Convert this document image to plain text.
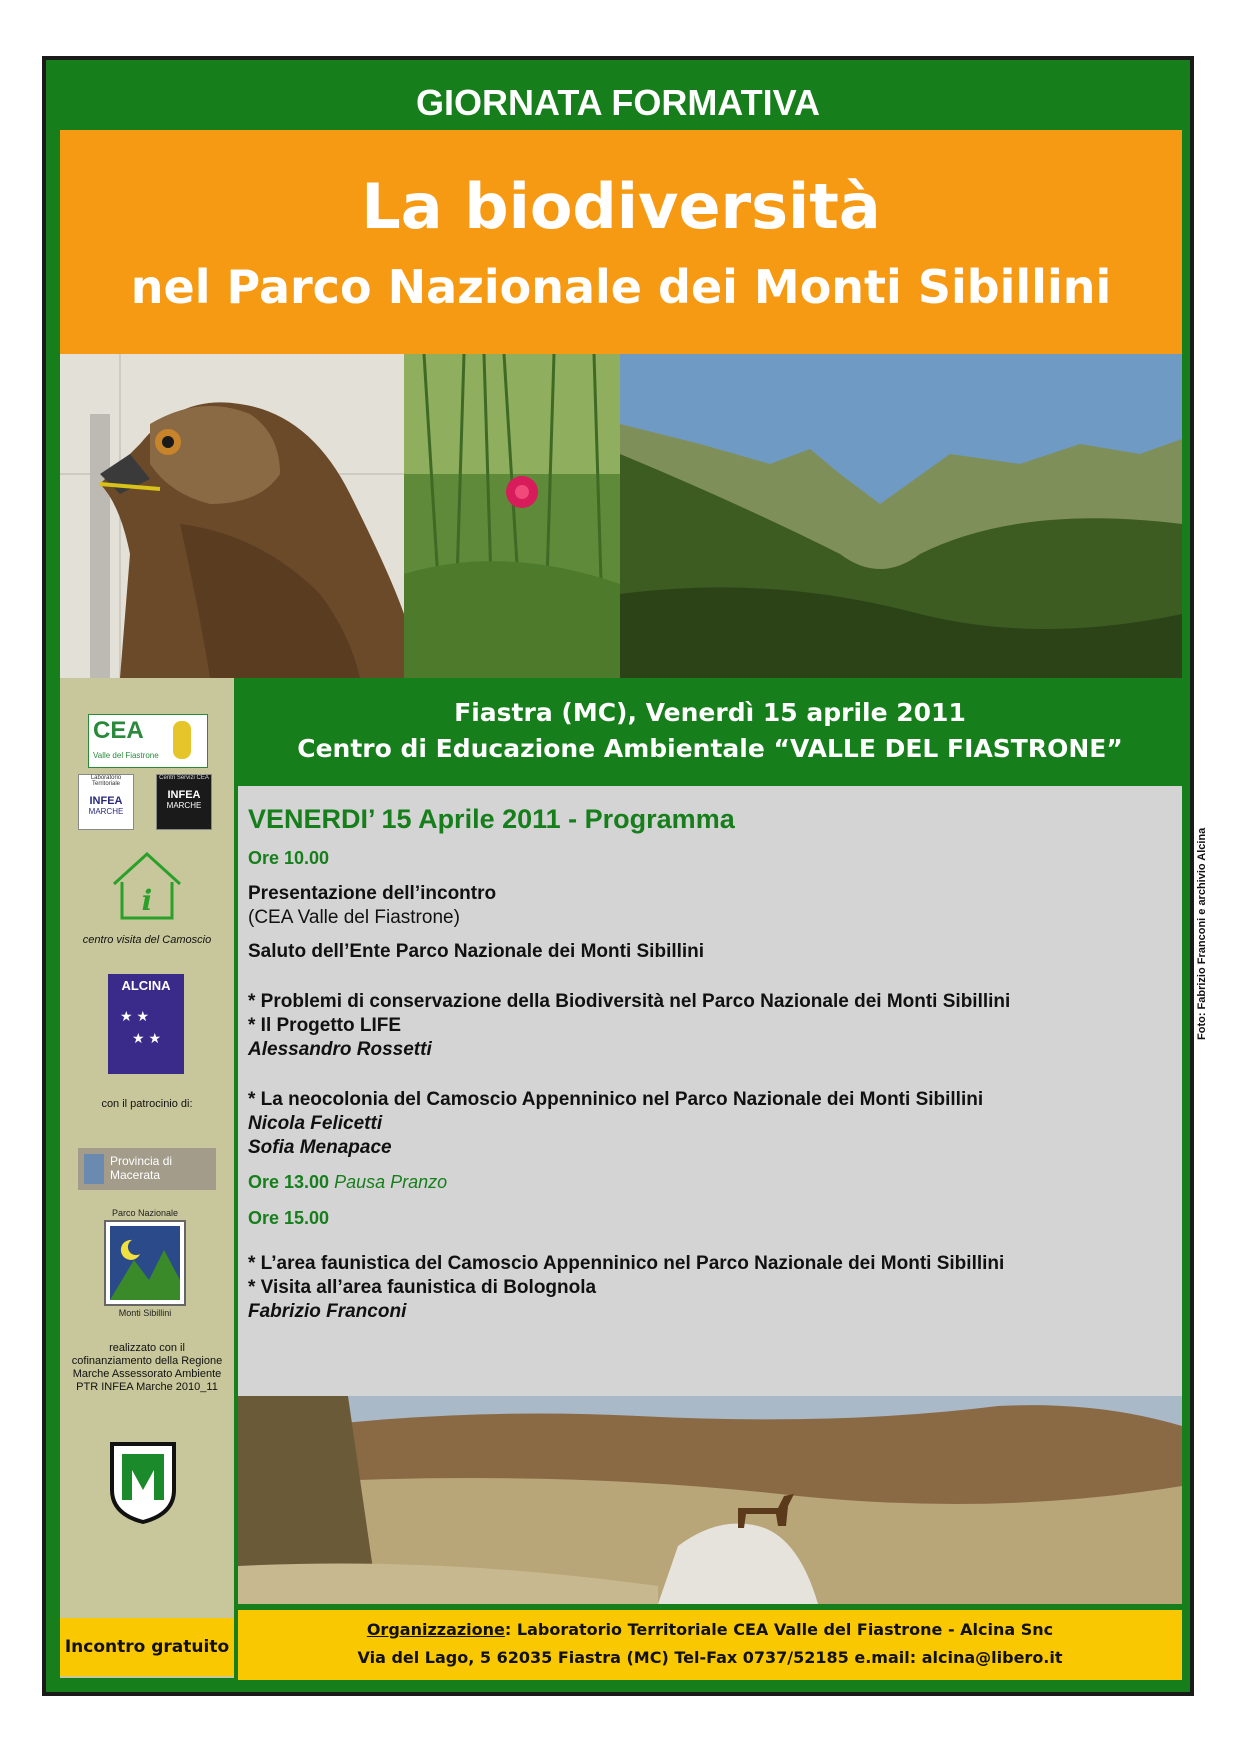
GIORNATA FORMATIVA
La biodiversità
nel Parco Nazionale dei Monti Sibillini
CEA
Valle del Fiastrone
Laboratorio Territoriale
INFEA
MARCHE
Centri Servizi CEA
INFEA
MARCHE
i
centro visita del Camoscio
ALCINA
★ ★
★ ★
con il patrocinio di:
Provincia di Macerata
Parco Nazionale
Monti Sibillini
realizzato con il cofinanziamento della Regione Marche Assessorato Ambiente PTR INFEA Marche 2010_11
Incontro gratuito
Fiastra (MC), Venerdì 15 aprile 2011
Centro di Educazione Ambientale “VALLE DEL FIASTRONE”
VENERDI’ 15 Aprile 2011 - Programma
Ore 10.00
Presentazione dell’incontro
(CEA Valle del Fiastrone)
Saluto dell’Ente Parco Nazionale dei Monti Sibillini
* Problemi di conservazione della Biodiversità nel Parco Nazionale dei Monti Sibillini
* Il Progetto LIFE
Alessandro Rossetti
* La neocolonia del Camoscio Appenninico nel Parco Nazionale dei Monti Sibillini
Nicola Felicetti
Sofia Menapace
Ore 13.00 Pausa Pranzo
Ore 15.00
* L’area faunistica del Camoscio Appenninico nel Parco Nazionale dei Monti Sibillini
* Visita all’area faunistica di Bolognola
Fabrizio Franconi
Foto: Fabrizio Franconi e archivio Alcina
Organizzazione: Laboratorio Territoriale CEA Valle del Fiastrone - Alcina Snc
Via del Lago, 5 62035 Fiastra (MC) Tel-Fax 0737/52185 e.mail: alcina@libero.it
